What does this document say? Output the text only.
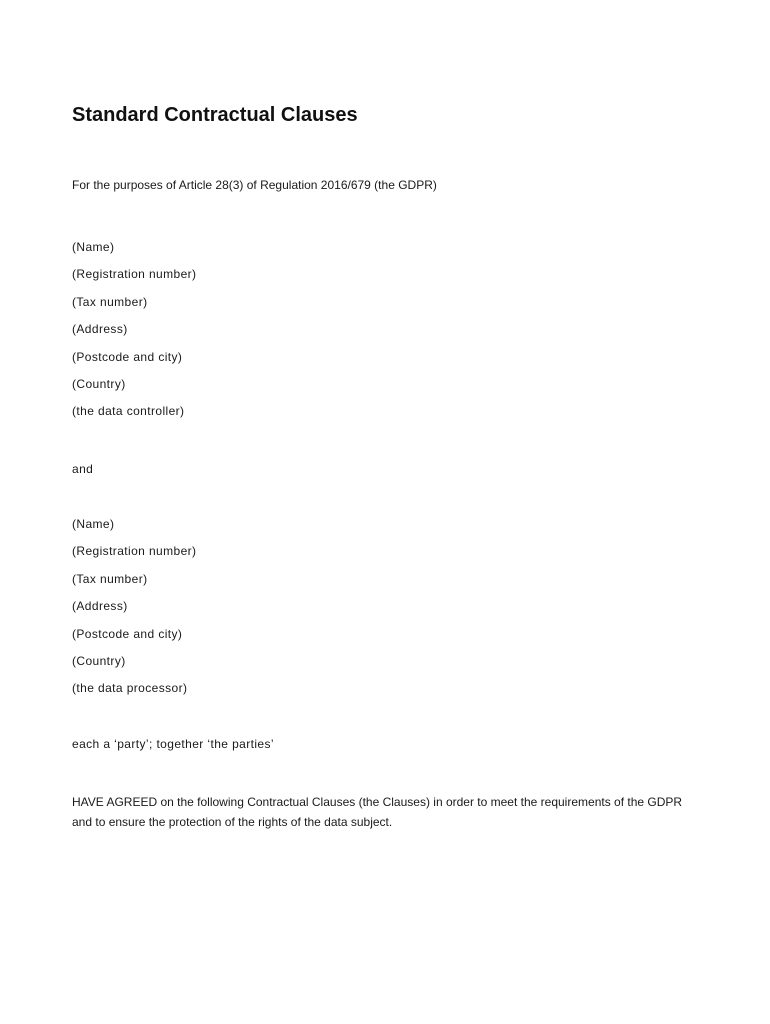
Standard Contractual Clauses
For the purposes of Article 28(3) of Regulation 2016/679 (the GDPR)
(Name)
(Registration number)
(Tax number)
(Address)
(Postcode and city)
(Country)
(the data controller)
and
(Name)
(Registration number)
(Tax number)
(Address)
(Postcode and city)
(Country)
(the data processor)
each a ‘party’; together ‘the parties’
HAVE AGREED on the following Contractual Clauses (the Clauses) in order to meet the requirements of the GDPR and to ensure the protection of the rights of the data subject.
